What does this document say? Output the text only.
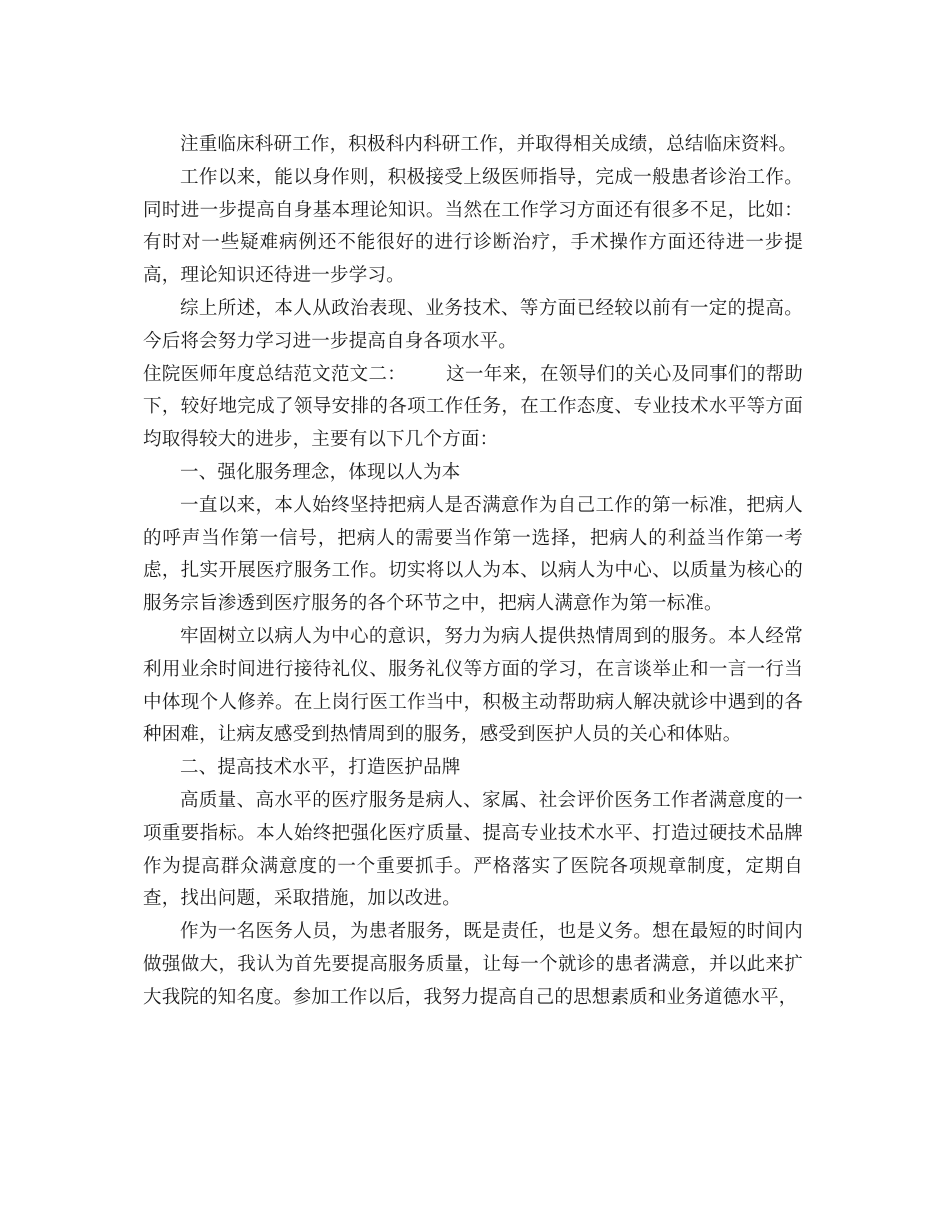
注重临床科研工作，积极科内科研工作，并取得相关成绩，总结临床资料。

工作以来，能以身作则，积极接受上级医师指导，完成一般患者诊治工作。同时进一步提高自身基本理论知识。当然在工作学习方面还有很多不足，比如：有时对一些疑难病例还不能很好的进行诊断治疗，手术操作方面还待进一步提高，理论知识还待进一步学习。

综上所述，本人从政治表现、业务技术、等方面已经较以前有一定的提高。今后将会努力学习进一步提高自身各项水平。

住院医师年度总结范文范文二： 这一年来，在领导们的关心及同事们的帮助下，较好地完成了领导安排的各项工作任务，在工作态度、专业技术水平等方面均取得较大的进步，主要有以下几个方面：

一、强化服务理念，体现以人为本

一直以来，本人始终坚持把病人是否满意作为自己工作的第一标准，把病人的呼声当作第一信号，把病人的需要当作第一选择，把病人的利益当作第一考虑，扎实开展医疗服务工作。切实将以人为本、以病人为中心、以质量为核心的服务宗旨渗透到医疗服务的各个环节之中，把病人满意作为第一标准。

牢固树立以病人为中心的意识，努力为病人提供热情周到的服务。本人经常利用业余时间进行接待礼仪、服务礼仪等方面的学习，在言谈举止和一言一行当中体现个人修养。在上岗行医工作当中，积极主动帮助病人解决就诊中遇到的各种困难，让病友感受到热情周到的服务，感受到医护人员的关心和体贴。

二、提高技术水平，打造医护品牌

高质量、高水平的医疗服务是病人、家属、社会评价医务工作者满意度的一项重要指标。本人始终把强化医疗质量、提高专业技术水平、打造过硬技术品牌作为提高群众满意度的一个重要抓手。严格落实了医院各项规章制度，定期自查，找出问题，采取措施，加以改进。

作为一名医务人员，为患者服务，既是责任，也是义务。想在最短的时间内做强做大，我认为首先要提高服务质量，让每一个就诊的患者满意，并以此来扩大我院的知名度。参加工作以后，我努力提高自己的思想素质和业务道德水平，
